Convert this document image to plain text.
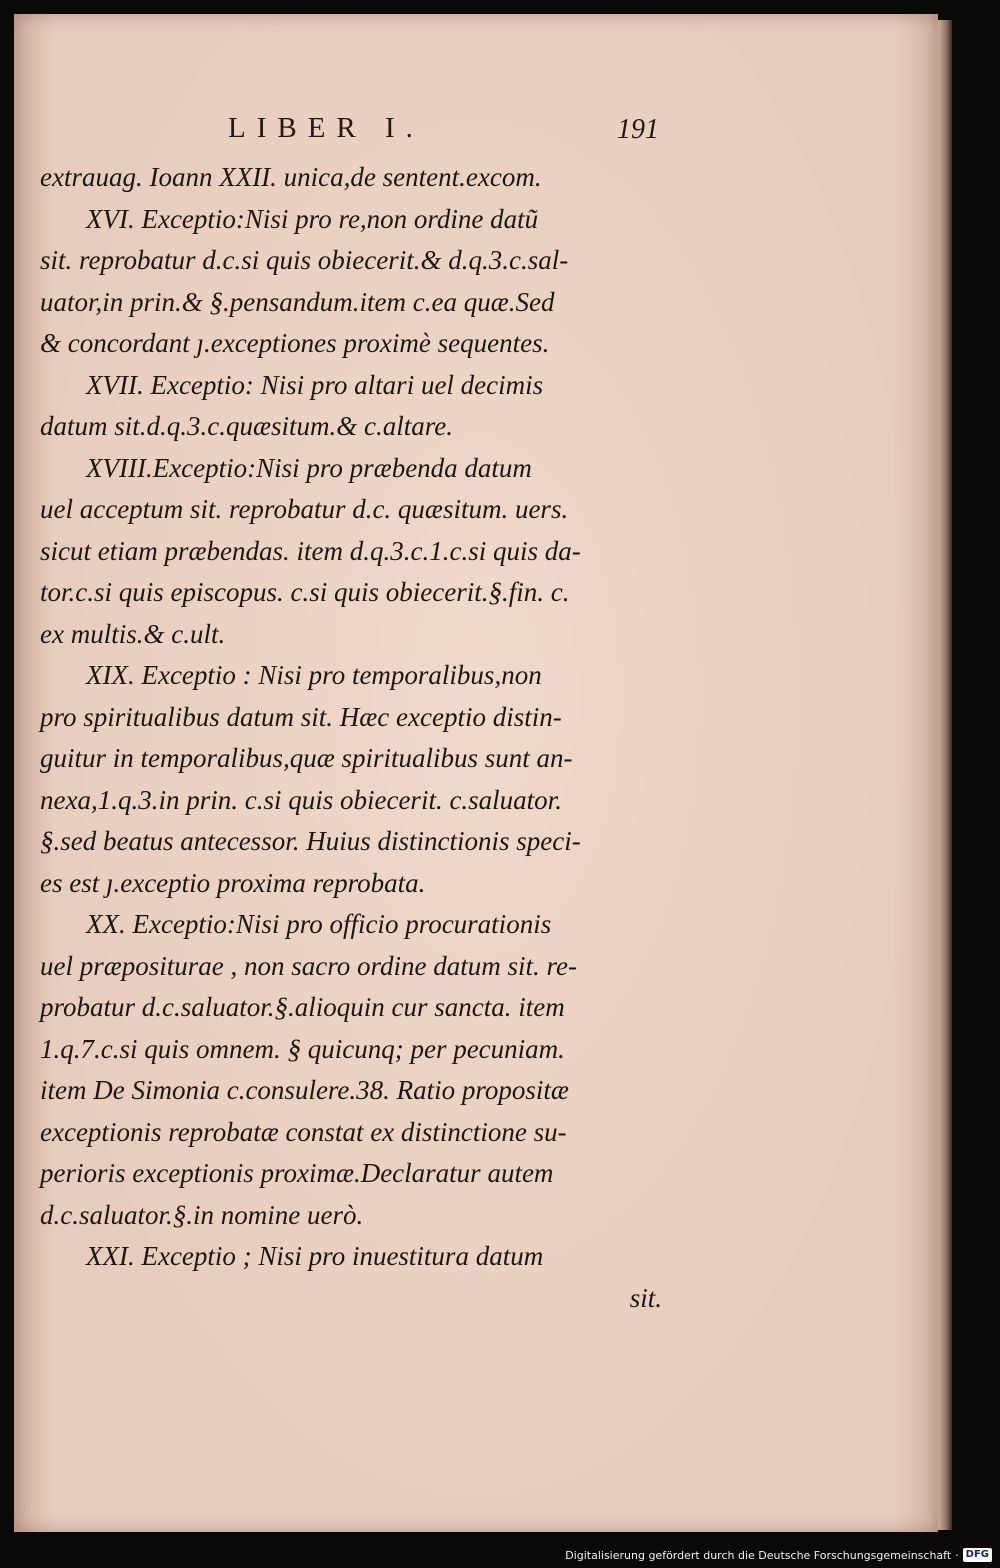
LIBER I.	191
extrauag. Ioann XXII. unica,de sentent.excom.
XVI. Exceptio:Nisi pro re,non ordine datũ
sit. reprobatur d.c.si quis obiecerit.& d.q.3.c.sal-
uator,in prin.& §.pensandum.item c.ea quæ.Sed
& concordant ȷ.exceptiones proximè sequentes.
XVII. Exceptio: Nisi pro altari uel decimis
datum sit.d.q.3.c.quæsitum.& c.altare.
XVIII.Exceptio:Nisi pro præbenda datum
uel acceptum sit. reprobatur d.c. quæsitum. uers.
sicut etiam præbendas. item d.q.3.c.1.c.si quis da-
tor.c.si quis episcopus. c.si quis obiecerit.§.fin. c.
ex multis.& c.ult.
XIX. Exceptio : Nisi pro temporalibus,non
pro spiritualibus datum sit. Hæc exceptio distin-
guitur in temporalibus,quæ spiritualibus sunt an-
nexa,1.q.3.in prin. c.si quis obiecerit. c.saluator.
§.sed beatus antecessor. Huius distinctionis speci-
es est ȷ.exceptio proxima reprobata.
XX. Exceptio:Nisi pro officio procurationis
uel præpositurae , non sacro ordine datum sit. re-
probatur d.c.saluator.§.alioquin cur sancta. item
1.q.7.c.si quis omnem. § quicunq; per pecuniam.
item De Simonia c.consulere.38. Ratio propositæ
exceptionis reprobatæ constat ex distinctione su-
perioris exceptionis proximæ.Declaratur autem
d.c.saluator.§.in nomine uerò.
XXI. Exceptio ; Nisi pro inuestitura datum
sit.
Digitalisierung gefördert durch die Deutsche Forschungsgemeinschaft · DFG
